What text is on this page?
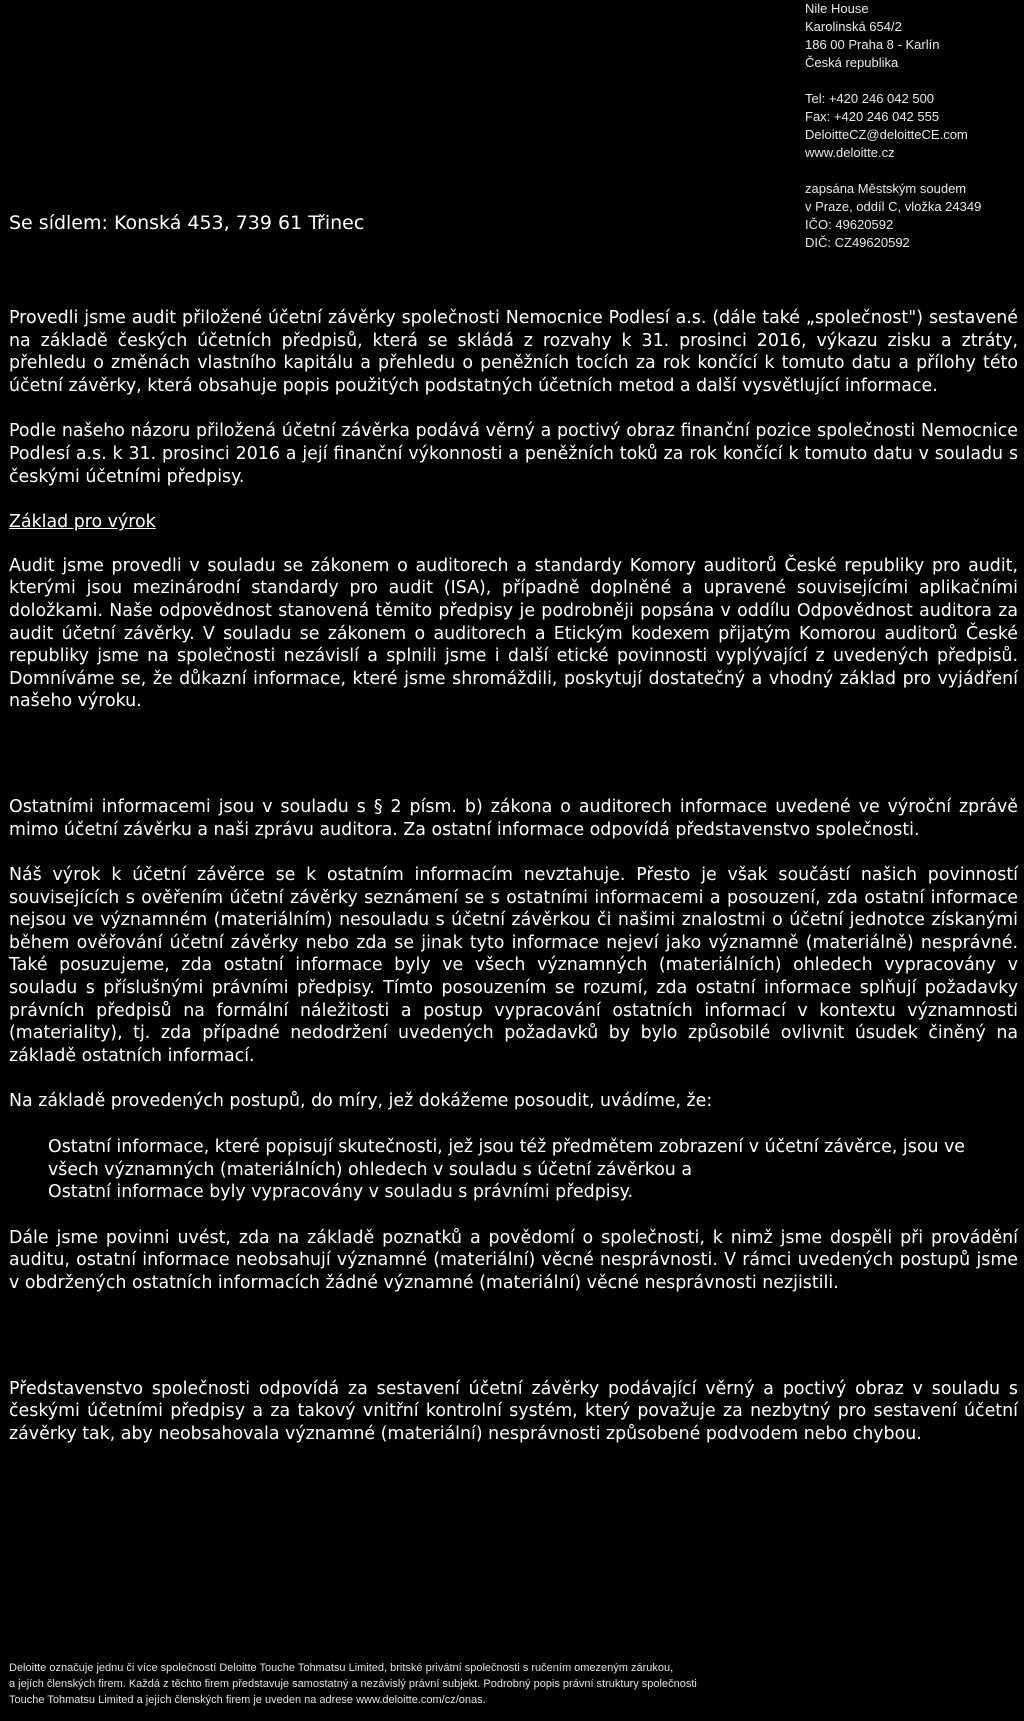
Nile House
Karolinská 654/2
186 00 Praha 8 - Karlín
Česká republika
Tel: +420 246 042 500
Fax: +420 246 042 555
DeloitteCZ@deloitteCE.com
www.deloitte.cz
zapsána Městským soudem
v Praze, oddíl C, vložka 24349
IČO: 49620592
DIČ: CZ49620592
Se sídlem: Konská 453, 739 61 Třinec

Provedli jsme audit přiložené účetní závěrky společnosti Nemocnice Podlesí a.s. (dále také „společnost") sestavené na základě českých účetních předpisů, která se skládá z rozvahy k 31. prosinci 2016, výkazu zisku a ztráty, přehledu o změnách vlastního kapitálu a přehledu o peněžních tocích za rok končící k tomuto datu a přílohy této účetní závěrky, která obsahuje popis použitých podstatných účetních metod a další vysvětlující informace.

Podle našeho názoru přiložená účetní závěrka podává věrný a poctivý obraz finanční pozice společnosti Nemocnice Podlesí a.s. k 31. prosinci 2016 a její finanční výkonnosti a peněžních toků za rok končící k tomuto datu v souladu s českými účetními předpisy.

Základ pro výrok

Audit jsme provedli v souladu se zákonem o auditorech a standardy Komory auditorů České republiky pro audit, kterými jsou mezinárodní standardy pro audit (ISA), případně doplněné a upravené souvisejícími aplikačními doložkami. Naše odpovědnost stanovená těmito předpisy je podrobněji popsána v oddílu Odpovědnost auditora za audit účetní závěrky. V souladu se zákonem o auditorech a Etickým kodexem přijatým Komorou auditorů České republiky jsme na společnosti nezávislí a splnili jsme i další etické povinnosti vyplývající z uvedených předpisů. Domníváme se, že důkazní informace, které jsme shromáždili, poskytují dostatečný a vhodný základ pro vyjádření našeho výroku.

Ostatními informacemi jsou v souladu s § 2 písm. b) zákona o auditorech informace uvedené ve výroční zprávě mimo účetní závěrku a naši zprávu auditora. Za ostatní informace odpovídá představenstvo společnosti.

Náš výrok k účetní závěrce se k ostatním informacím nevztahuje. Přesto je však součástí našich povinností souvisejících s ověřením účetní závěrky seznámení se s ostatními informacemi a posouzení, zda ostatní informace nejsou ve významném (materiálním) nesouladu s účetní závěrkou či našimi znalostmi o účetní jednotce získanými během ověřování účetní závěrky nebo zda se jinak tyto informace nejeví jako významně (materiálně) nesprávné. Také posuzujeme, zda ostatní informace byly ve všech významných (materiálních) ohledech vypracovány v souladu s příslušnými právními předpisy. Tímto posouzením se rozumí, zda ostatní informace splňují požadavky právních předpisů na formální náležitosti a postup vypracování ostatních informací v kontextu významnosti (materiality), tj. zda případné nedodržení uvedených požadavků by bylo způsobilé ovlivnit úsudek činěný na základě ostatních informací.

Na základě provedených postupů, do míry, jež dokážeme posoudit, uvádíme, že:

Ostatní informace, které popisují skutečnosti, jež jsou též předmětem zobrazení v účetní závěrce, jsou ve všech významných (materiálních) ohledech v souladu s účetní závěrkou a

Ostatní informace byly vypracovány v souladu s právními předpisy.

Dále jsme povinni uvést, zda na základě poznatků a povědomí o společnosti, k nimž jsme dospěli při provádění auditu, ostatní informace neobsahují významné (materiální) věcné nesprávnosti. V rámci uvedených postupů jsme v obdržených ostatních informacích žádné významné (materiální) věcné nesprávnosti nezjistili.

Představenstvo společnosti odpovídá za sestavení účetní závěrky podávající věrný a poctivý obraz v souladu s českými účetními předpisy a za takový vnitřní kontrolní systém, který považuje za nezbytný pro sestavení účetní závěrky tak, aby neobsahovala významné (materiální) nesprávnosti způsobené podvodem nebo chybou.

Deloitte označuje jednu či více společností Deloitte Touche Tohmatsu Limited, britské privátní společnosti s ručením omezeným zárukou,
a jejích členských firem. Každá z těchto firem představuje samostatný a nezávislý právní subjekt. Podrobný popis právní struktury společnosti
Touche Tohmatsu Limited a jejích členských firem je uveden na adrese www.deloitte.com/cz/onas.
